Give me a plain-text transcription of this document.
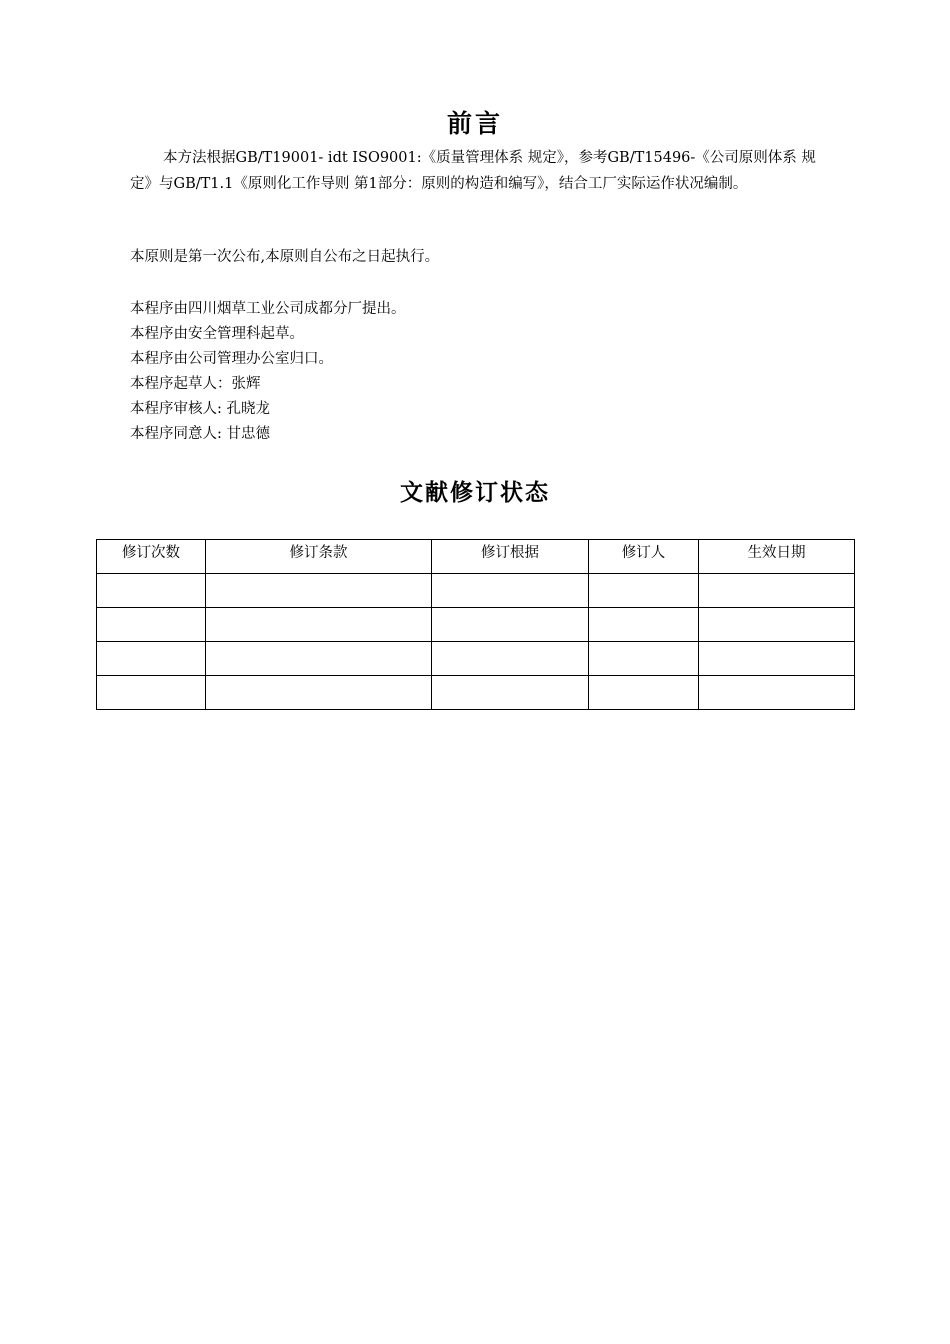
前言
本方法根据GB/T19001- idt ISO9001:《质量管理体系 规定》，参考GB/T15496-《公司原则体系 规定》与GB/T1.1《原则化工作导则 第1部分：原则的构造和编写》，结合工厂实际运作状况编制。
本原则是第一次公布,本原则自公布之日起执行。
本程序由四川烟草工业公司成都分厂提出。
本程序由安全管理科起草。
本程序由公司管理办公室归口。
本程序起草人：张辉
本程序审核人: 孔晓龙
本程序同意人: 甘忠德
文献修订状态
修订次数	修订条款	修订根据	修订人	生效日期
